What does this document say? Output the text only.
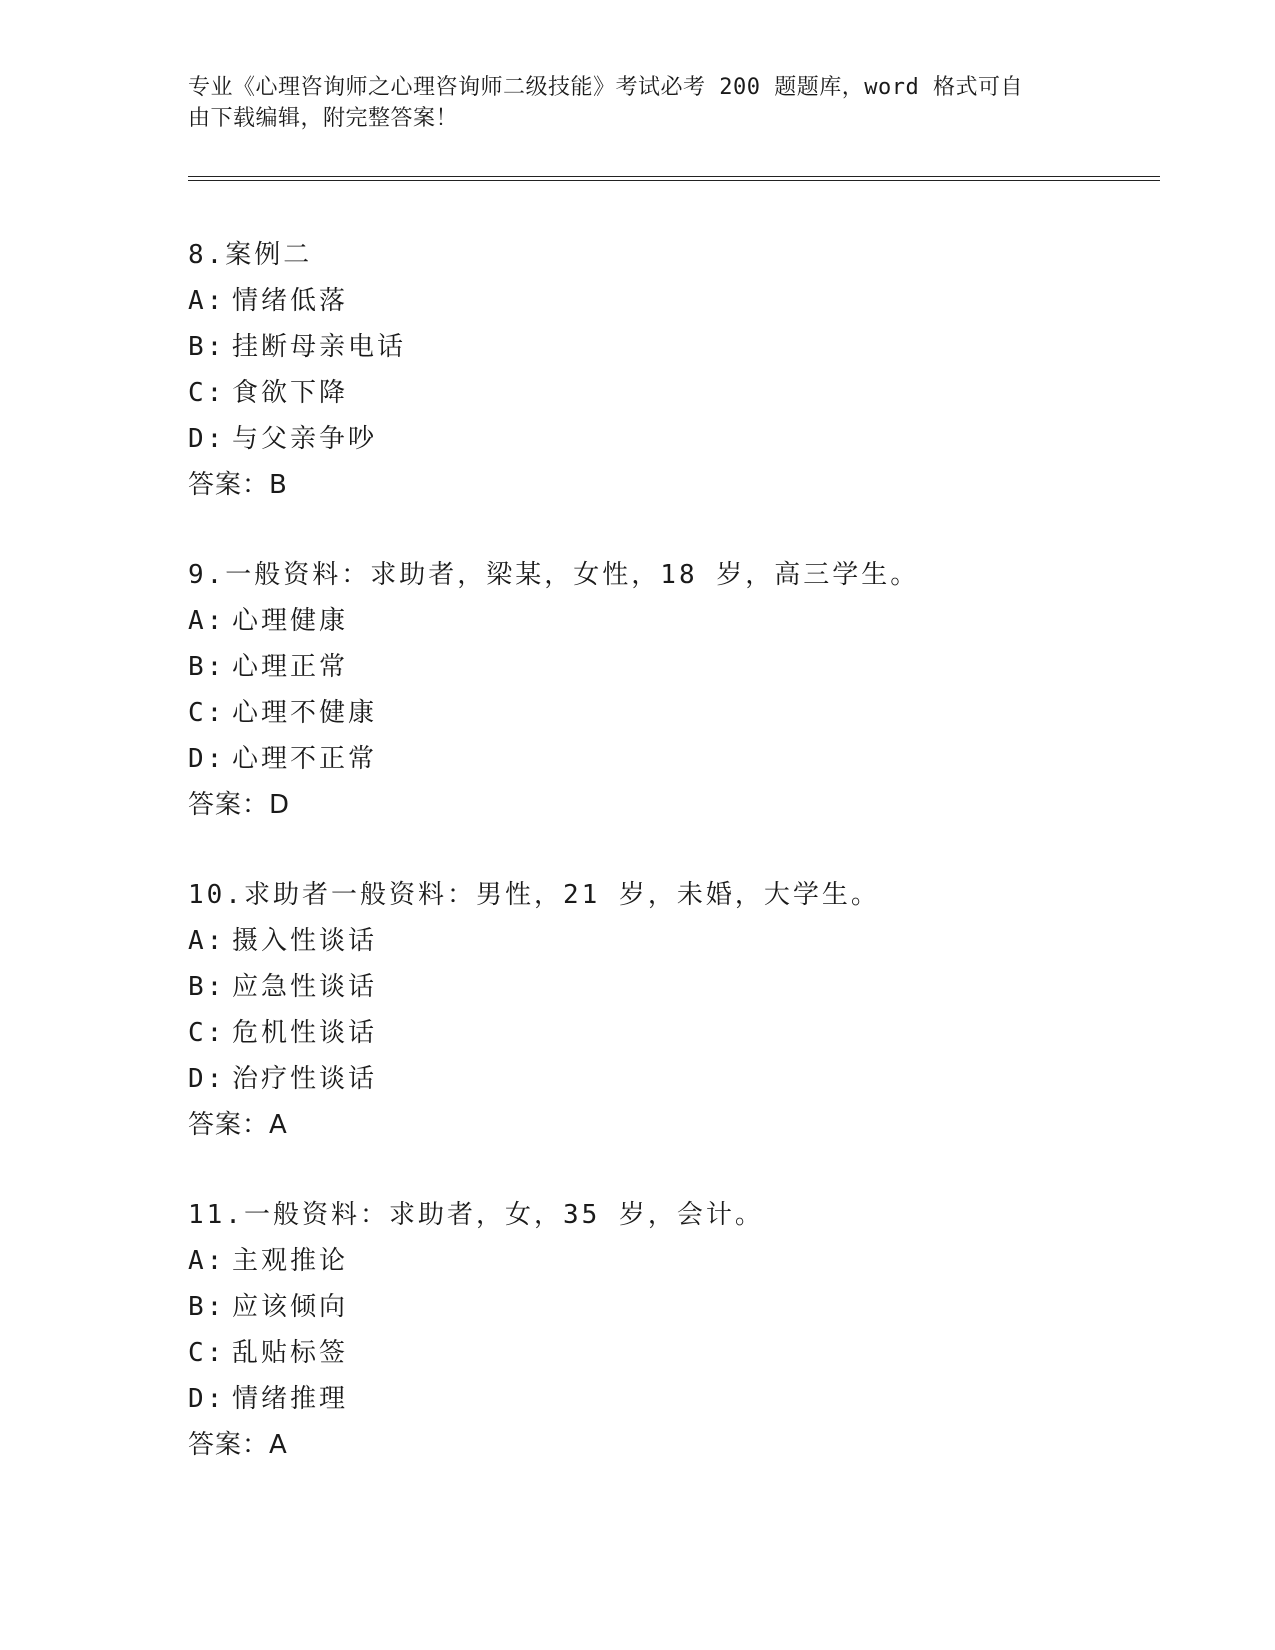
专业《心理咨询师之心理咨询师二级技能》考试必考 200 题题库，word 格式可自
由下载编辑，附完整答案！
8.案例二
A: 情绪低落
B: 挂断母亲电话
C: 食欲下降
D: 与父亲争吵
答案：B
9.一般资料：求助者，梁某，女性，18 岁，高三学生。
A: 心理健康
B: 心理正常
C: 心理不健康
D: 心理不正常
答案：D
10.求助者一般资料：男性，21 岁，未婚，大学生。
A: 摄入性谈话
B: 应急性谈话
C: 危机性谈话
D: 治疗性谈话
答案：A
11.一般资料：求助者，女，35 岁，会计。
A: 主观推论
B: 应该倾向
C: 乱贴标签
D: 情绪推理
答案：A
